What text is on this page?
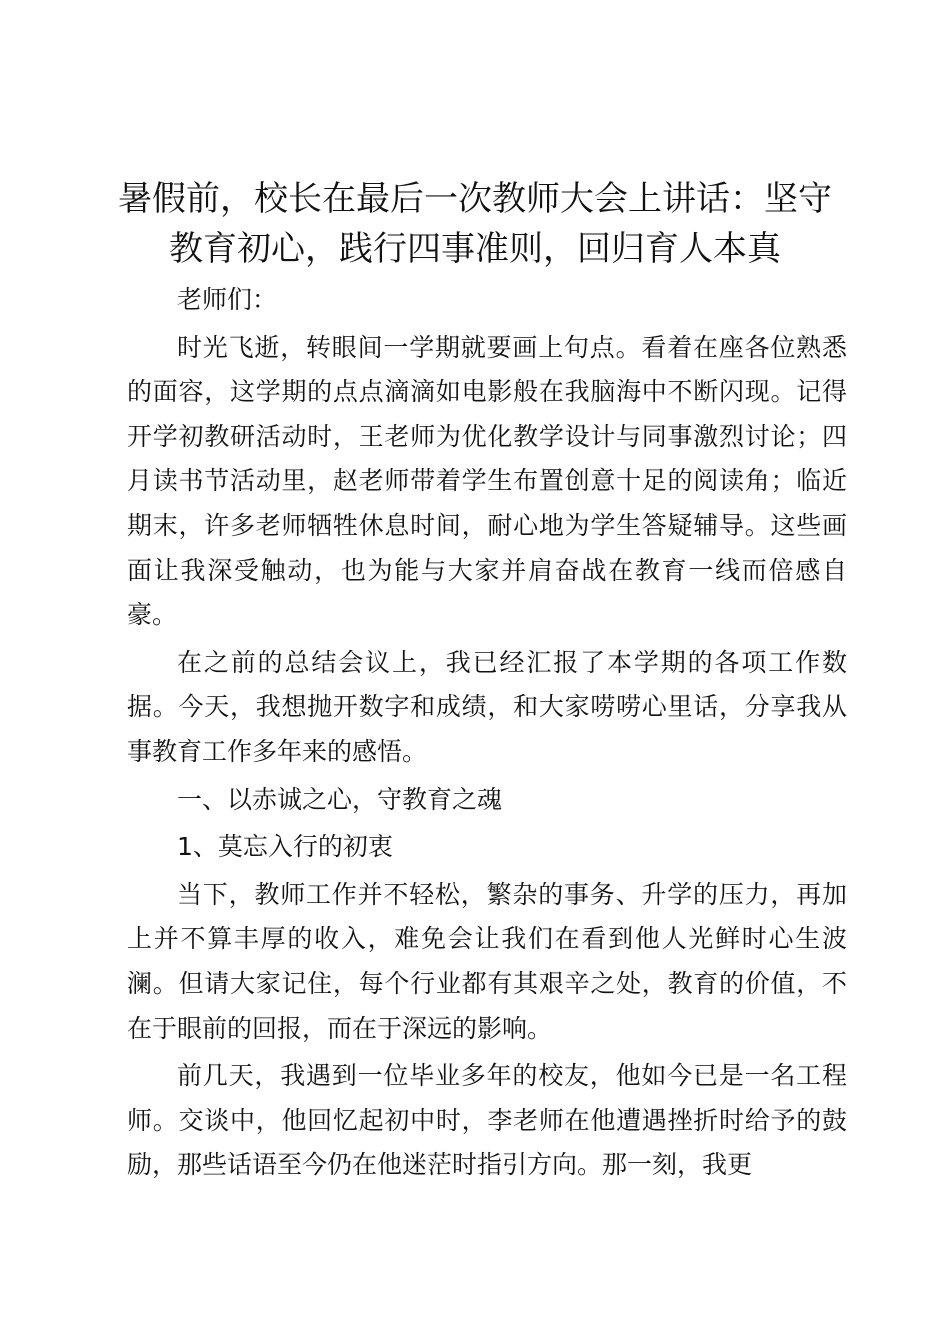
暑假前，校长在最后一次教师大会上讲话：坚守教育初心，践行四事准则，回归育人本真

老师们：

时光飞逝，转眼间一学期就要画上句点。看着在座各位熟悉的面容，这学期的点点滴滴如电影般在我脑海中不断闪现。记得开学初教研活动时，王老师为优化教学设计与同事激烈讨论；四月读书节活动里，赵老师带着学生布置创意十足的阅读角；临近期末，许多老师牺牲休息时间，耐心地为学生答疑辅导。这些画面让我深受触动，也为能与大家并肩奋战在教育一线而倍感自豪。

在之前的总结会议上，我已经汇报了本学期的各项工作数据。今天，我想抛开数字和成绩，和大家唠唠心里话，分享我从事教育工作多年来的感悟。

一、以赤诚之心，守教育之魂

1、莫忘入行的初衷

当下，教师工作并不轻松，繁杂的事务、升学的压力，再加上并不算丰厚的收入，难免会让我们在看到他人光鲜时心生波澜。但请大家记住，每个行业都有其艰辛之处，教育的价值，不在于眼前的回报，而在于深远的影响。

前几天，我遇到一位毕业多年的校友，他如今已是一名工程师。交谈中，他回忆起初中时，李老师在他遭遇挫折时给予的鼓励，那些话语至今仍在他迷茫时指引方向。那一刻，我更
